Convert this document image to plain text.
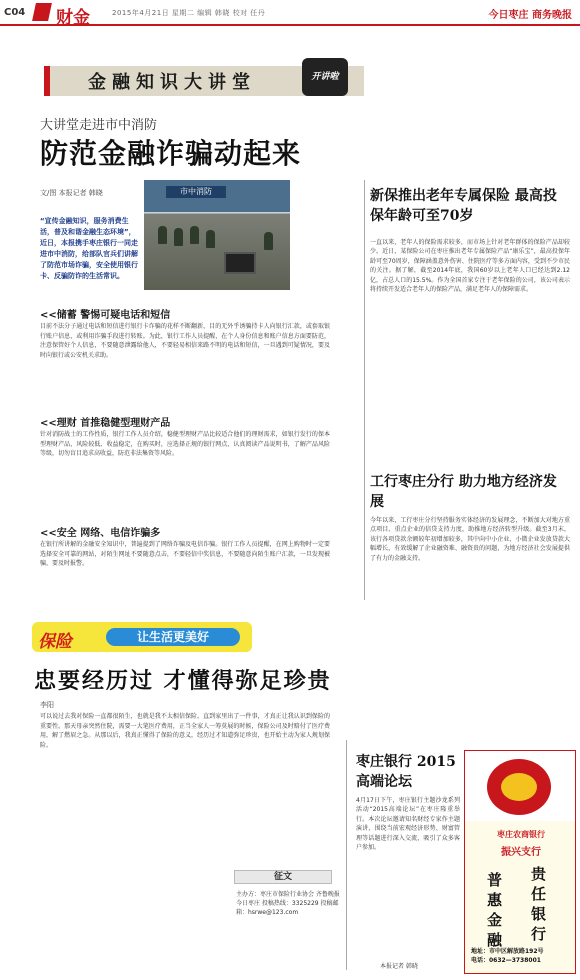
C04 财金	2015年4月21日 星期二 编辑 韩晓 校对 任丹	今日枣庄 商务晚报
金融知识大讲堂	开讲啦
大讲堂走进市中消防
防范金融诈骗动起来
文/图 本报记者 韩晓	市中消防
“宣传金融知识，服务消费生活，普及和谐金融生态环境”，近日，本报携手枣庄银行一同走进市中消防，给部队官兵们讲解了防范市场诈骗，安全使用银行卡、反骗防诈的生活常识。
<<储蓄 警惕可疑电话和短信
目前不法分子通过电话和短信进行银行卡诈骗的花样不断翻新，目的无外乎诱骗持卡人向银行汇款，或套取银行账户信息，或利用诈骗手段进行转账。为此，银行工作人员提醒，在个人身份信息和账户信息方面要防范，注意保管好个人信息，不要随意泄露给他人，不要轻易相信来路不明的电话和短信，一旦遇到可疑情况，要及时向银行或公安机关求助。
<<理财 首推稳健型理财产品
针对消防战士的工作性质，银行工作人员介绍，稳健型理财产品比较适合他们的理财需求，如银行发行的保本型理财产品，风险较低、收益稳定，在购买时，应选择正规的银行网点，认真阅读产品说明书，了解产品风险等级，切勿盲目追求高收益，防范非法集资等风险。
<<安全 网络、电信诈骗多
在银行所讲解的金融安全知识中，普遍提到了网络诈骗及电信诈骗。银行工作人员提醒，在网上购物时一定要选择安全可靠的网站，对陌生网址不要随意点击，不要轻信中奖信息，不要随意向陌生账户汇款，一旦发现被骗，要及时报警。
新保推出老年专属保险 最高投保年龄可至70岁
一直以来，老年人的保险需求较多，而市场上针对老年群体的保险产品却较少。近日，某保险公司在枣庄推出老年专属保险产品“康乐宝”，最高投保年龄可至70周岁，保障涵盖意外伤害、住院医疗等多方面内容，受到不少市民的关注。据了解，截至2014年底，我国60岁以上老年人口已经达到2.12亿，占总人口的15.5%。作为全国首家专注于老年保险的公司，该公司表示将持续开发适合老年人的保险产品，满足老年人的保障需求。
工行枣庄分行 助力地方经济发展
今年以来，工行枣庄分行坚持服务实体经济的发展理念，不断加大对地方重点项目、重点企业的信贷支持力度，助推地方经济转型升级。截至3月末，该行各项贷款余额较年初增加较多，其中向中小企业、小微企业发放贷款大幅增长，有效缓解了企业融资难、融资贵的问题，为地方经济社会发展提供了有力的金融支持。
保险	让生活更美好
忠要经历过 才懂得弥足珍贵
李阳
可以说过去我对保险一直都很陌生，也就是我不太相信保险。直到家里出了一件事，才真正让我认识到保险的重要性。那天母亲突然住院，需要一大笔医疗费用，正当全家人一筹莫展的时候，保险公司及时赔付了医疗费用，解了燃眉之急。从那以后，我真正懂得了保险的意义，经历过才知道弥足珍贵，也开始主动为家人规划保险。
征文
主办方：枣庄市保险行业协会 齐鲁晚报今日枣庄 投稿热线：3325229 投稿邮箱：hsrwe@123.com
枣庄银行 2015高端论坛
4月17日下午，枣庄银行主题沙龙系列活动“2015高端论坛”在枣庄隆重举行。本次论坛邀请知名财经专家作主题演讲，围绕当前宏观经济形势、财富管理等话题进行深入交流，吸引了众多客户参加。
本报记者 韩晓
枣庄农商银行
振兴支行
普
惠
金
融
贵
任
银
行
地址：市中区解放路192号
电话：0632—3738001
